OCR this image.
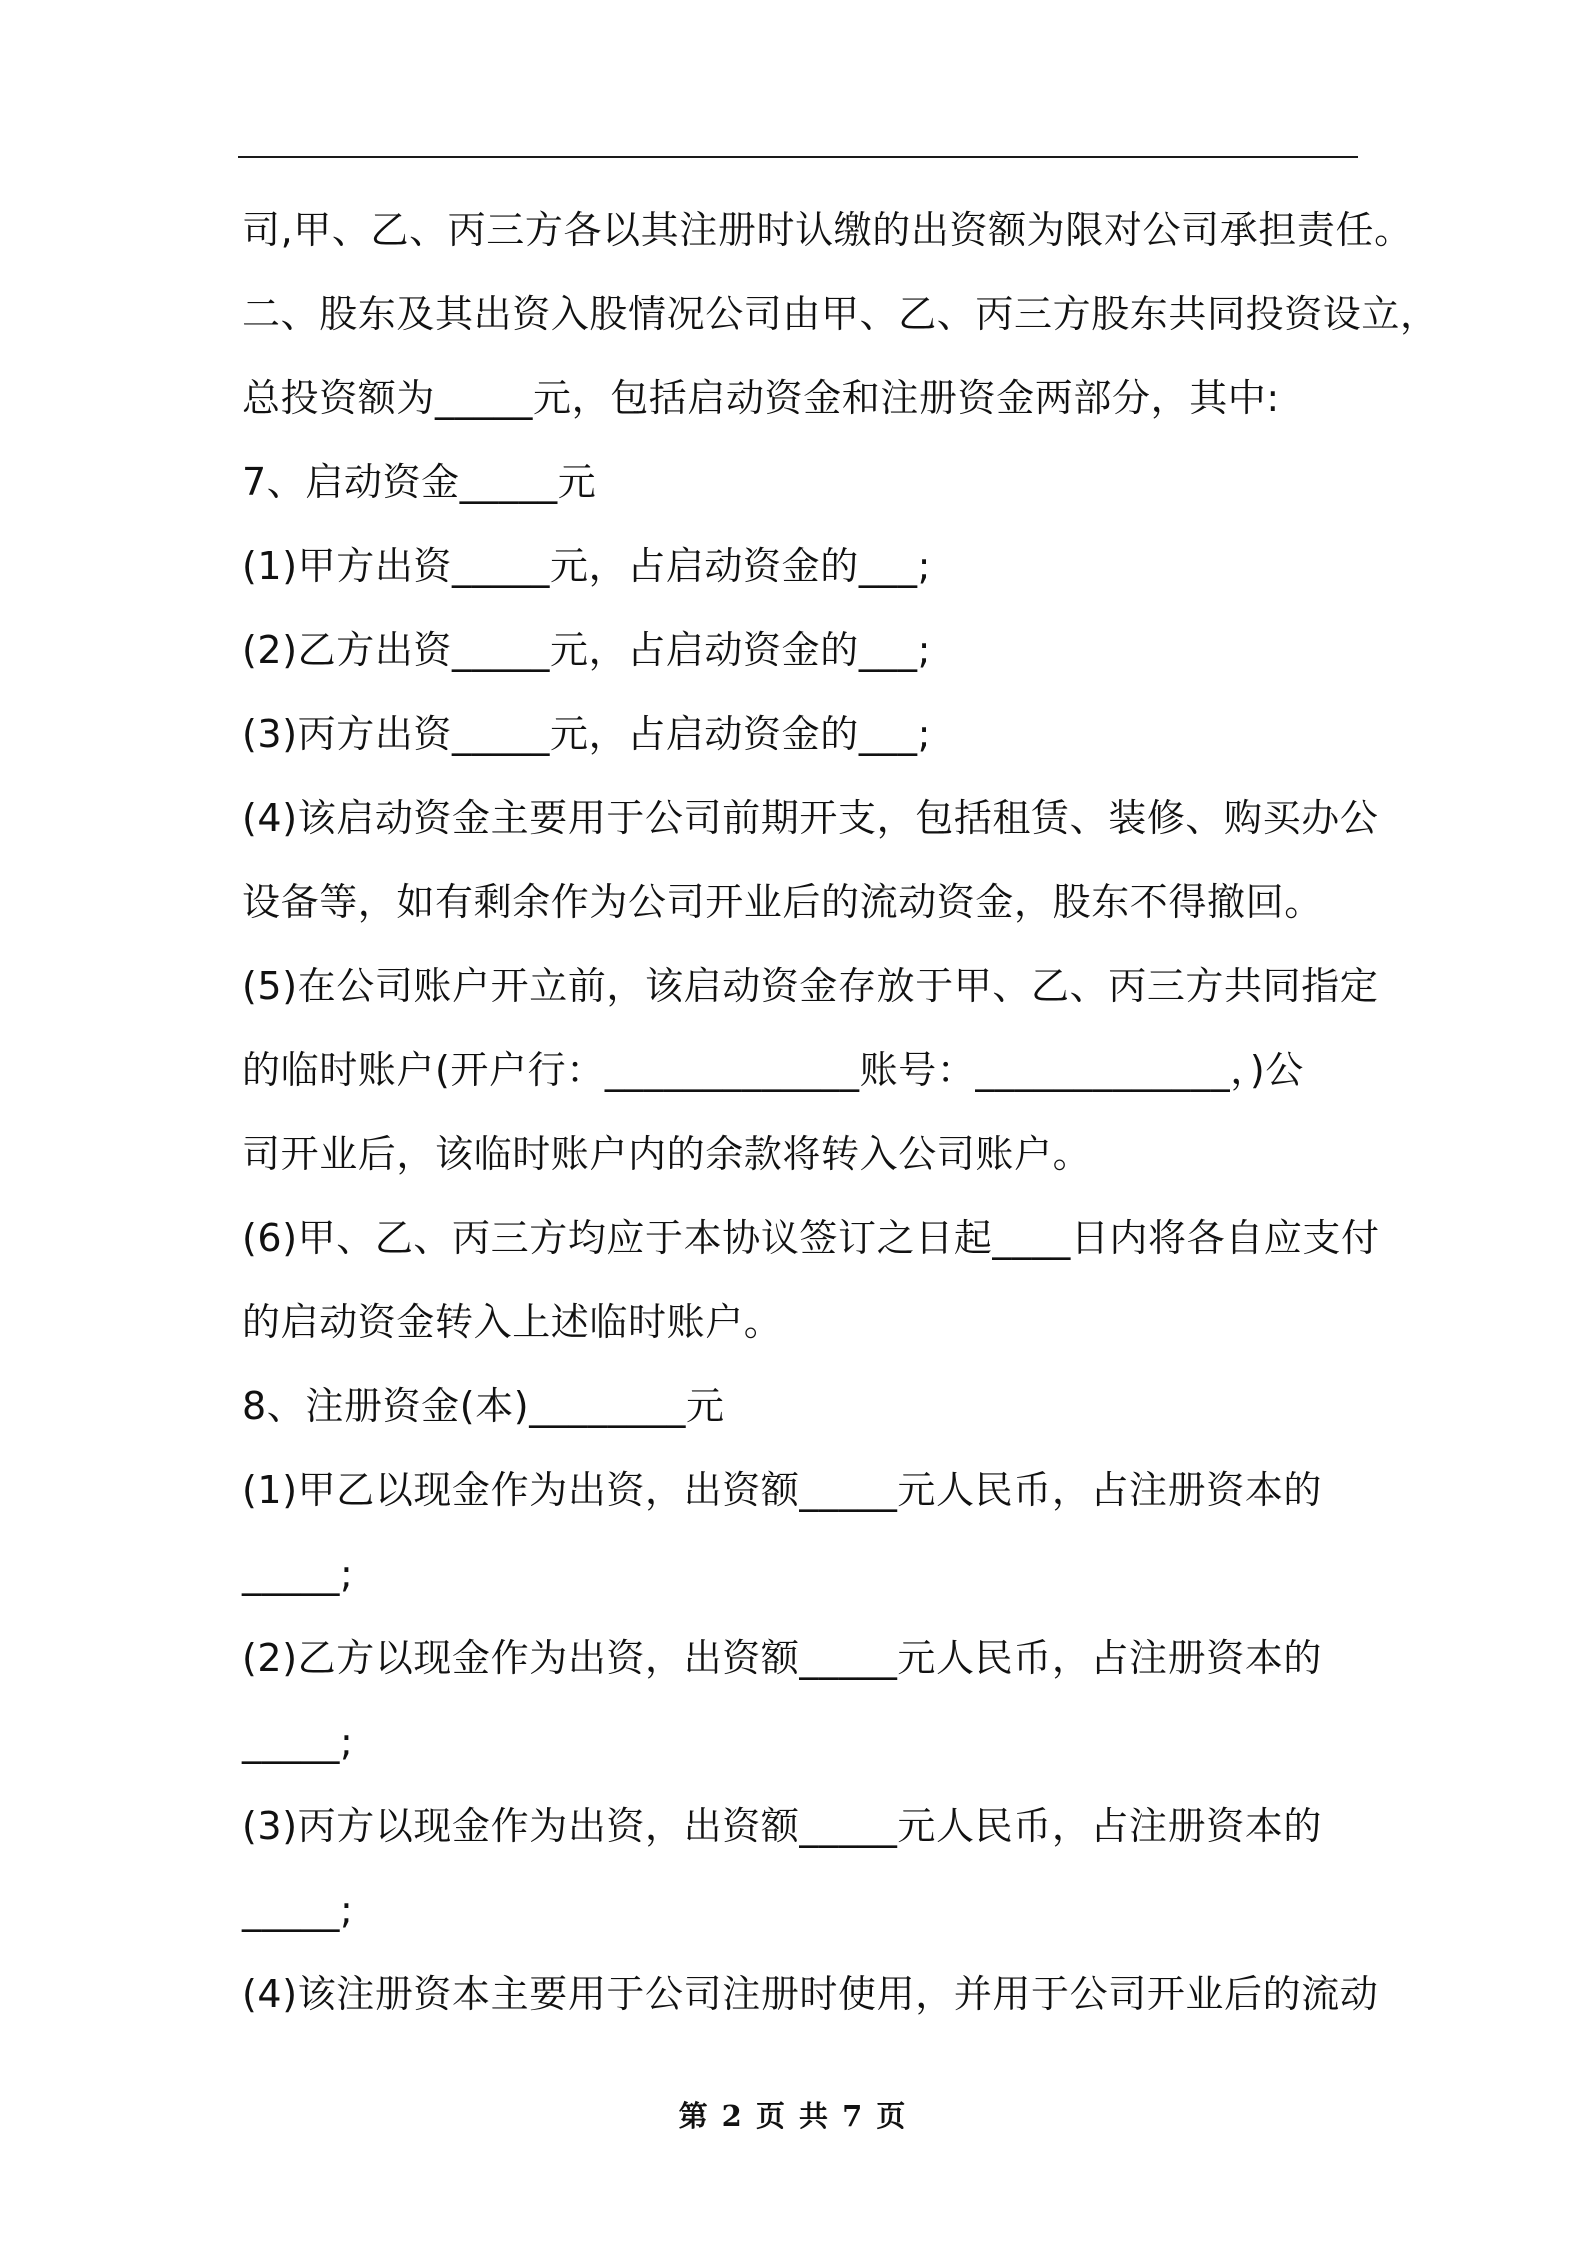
司,甲、乙、丙三方各以其注册时认缴的出资额为限对公司承担责任。

二、股东及其出资入股情况公司由甲、乙、丙三方股东共同投资设立，

总投资额为_____元，包括启动资金和注册资金两部分，其中:

7、启动资金_____元

(1)甲方出资_____元，占启动资金的___;

(2)乙方出资_____元，占启动资金的___;

(3)丙方出资_____元，占启动资金的___;

(4)该启动资金主要用于公司前期开支，包括租赁、装修、购买办公

设备等，如有剩余作为公司开业后的流动资金，股东不得撤回。

(5)在公司账户开立前，该启动资金存放于甲、乙、丙三方共同指定

的临时账户(开户行：_____________账号：_____________，)公

司开业后，该临时账户内的余款将转入公司账户。

(6)甲、乙、丙三方均应于本协议签订之日起____日内将各自应支付

的启动资金转入上述临时账户。

8、注册资金(本)________元

(1)甲乙以现金作为出资，出资额_____元人民币，占注册资本的

_____;

(2)乙方以现金作为出资，出资额_____元人民币，占注册资本的

_____;

(3)丙方以现金作为出资，出资额_____元人民币，占注册资本的

_____;

(4)该注册资本主要用于公司注册时使用，并用于公司开业后的流动

第 2 页 共 7 页
